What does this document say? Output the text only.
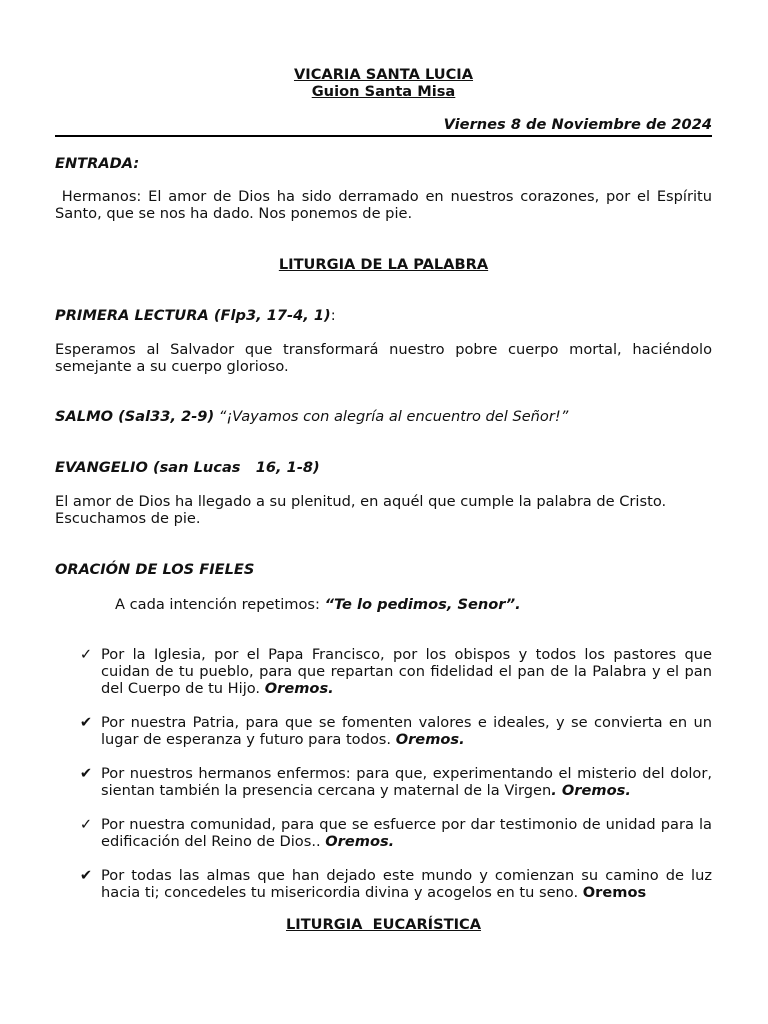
VICARIA SANTA LUCIA
Guion Santa Misa
Viernes 8 de Noviembre de 2024
ENTRADA:
Hermanos: El amor de Dios ha sido derramado en nuestros corazones, por el Espíritu Santo, que se nos ha dado. Nos ponemos de pie.
LITURGIA DE LA PALABRA
PRIMERA LECTURA (Flp3, 17-4, 1):
Esperamos al Salvador que transformará nuestro pobre cuerpo mortal, haciéndolo semejante a su cuerpo glorioso.
SALMO (Sal33, 2-9) “¡Vayamos con alegría al encuentro del Señor!”
EVANGELIO (san Lucas   16, 1-8)
El amor de Dios ha llegado a su plenitud, en aquél que cumple la palabra de Cristo. Escuchamos de pie.
ORACIÓN DE LOS FIELES
A cada intención repetimos: “Te lo pedimos, Senor”.
✓ Por la Iglesia, por el Papa Francisco, por los obispos y todos los pastores que cuidan de tu pueblo, para que repartan con fidelidad el pan de la Palabra y el pan del Cuerpo de tu Hijo. Oremos.
✔ Por nuestra Patria, para que se fomenten valores e ideales, y se convierta en un lugar de esperanza y futuro para todos. Oremos.
✔ Por nuestros hermanos enfermos: para que, experimentando el misterio del dolor, sientan también la presencia cercana y maternal de la Virgen. Oremos.
✓ Por nuestra comunidad, para que se esfuerce por dar testimonio de unidad para la edificación del Reino de Dios.. Oremos.
✔ Por todas las almas que han dejado este mundo y comienzan su camino de luz hacia ti; concedeles tu misericordia divina y acogelos en tu seno. Oremos
LITURGIA  EUCARÍSTICA
